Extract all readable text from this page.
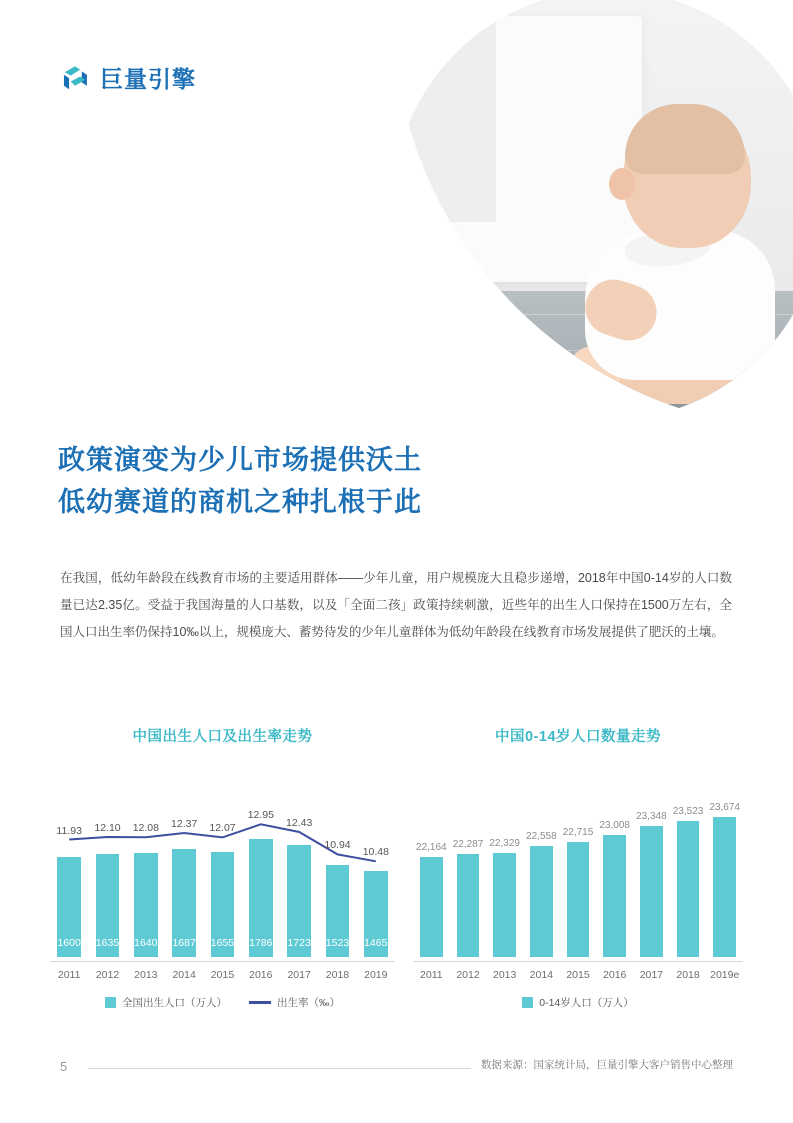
巨量引擎
政策演变为少儿市场提供沃土
低幼赛道的商机之种扎根于此
在我国，低幼年龄段在线教育市场的主要适用群体——少年儿童，用户规模庞大且稳步递增，2018年中国0-14岁的人口数量已达2.35亿。受益于我国海量的人口基数，以及「全面二孩」政策持续刺激，近些年的出生人口保持在1500万左右，全国人口出生率仍保持10‰以上，规模庞大、蓄势待发的少年儿童群体为低幼年龄段在线教育市场发展提供了肥沃的土壤。
中国出生人口及出生率走势
1600 1635 1640 1687 1655 1786 1723 1523 1465
11.93 12.10 12.08 12.37 12.07
12.95
12.43
10.94
10.48
2011	2012	2013	2014	2015	2016	2017	2018	2019
全国出生人口（万人）	出生率（‰）
中国0-14岁人口数量走势
22,164 22,287 22,329
22,558 22,715
23,008
23,348 23,523 23,674
2011	2012	2013	2014	2015	2016	2017	2018 2019e
0-14岁人口（万人）
5	数据来源：国家统计局，巨量引擎大客户销售中心整理
